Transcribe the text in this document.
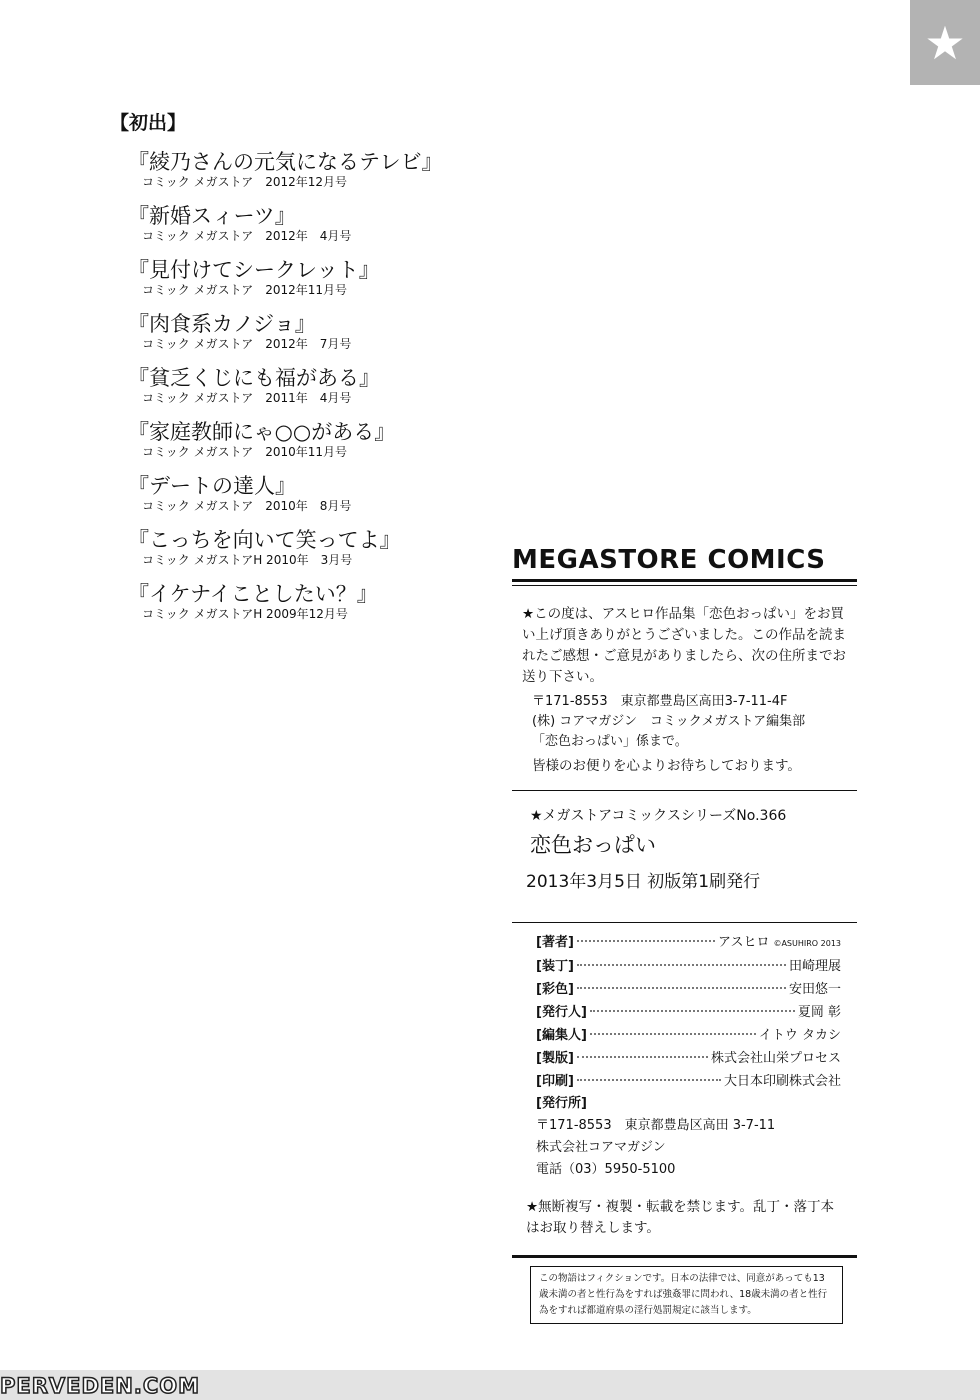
★
【初出】
『綾乃さんの元気になるテレビ』
コミック メガストア　2012年12月号
『新婚スィーツ』
コミック メガストア　2012年　4月号
『見付けてシークレット』
コミック メガストア　2012年11月号
『肉食系カノジョ』
コミック メガストア　2012年　7月号
『貧乏くじにも福がある』
コミック メガストア　2011年　4月号
『家庭教師にゃ○○がある』
コミック メガストア　2010年11月号
『デートの達人』
コミック メガストア　2010年　8月号
『こっちを向いて笑ってよ』
コミック メガストアH 2010年　3月号
『イケナイことしたい？』
コミック メガストアH 2009年12月号
MEGASTORE COMICS
★この度は、アスヒロ作品集「恋色おっぱい」をお買い上げ頂きありがとうございました。この作品を読まれたご感想・ご意見がありましたら、次の住所までお送り下さい。
〒171-8553　東京都豊島区高田3-7-11-4F
(株) コアマガジン　コミックメガストア編集部
「恋色おっぱい」係まで。
皆様のお便りを心よりお待ちしております。
★メガストアコミックスシリーズNo.366
恋色おっぱい
2013年3月5日 初版第1刷発行
[著者]	アスヒロ ©ASUHIRO 2013
[装丁]	田崎理展
[彩色]	安田悠一
[発行人]	夏岡 彰
[編集人]	イトウ タカシ
[製版]	株式会社山栄プロセス
[印刷]	大日本印刷株式会社
[発行所]
〒171-8553　東京都豊島区高田 3-7-11
株式会社コアマガジン
電話（03）5950-5100
★無断複写・複製・転載を禁じます。乱丁・落丁本はお取り替えします。
この物語はフィクションです。日本の法律では、同意があっても13歳未満の者と性行為をすれば強姦罪に問われ、18歳未満の者と性行為をすれば都道府県の淫行処罰規定に該当します。
PERVEDEN.COM
